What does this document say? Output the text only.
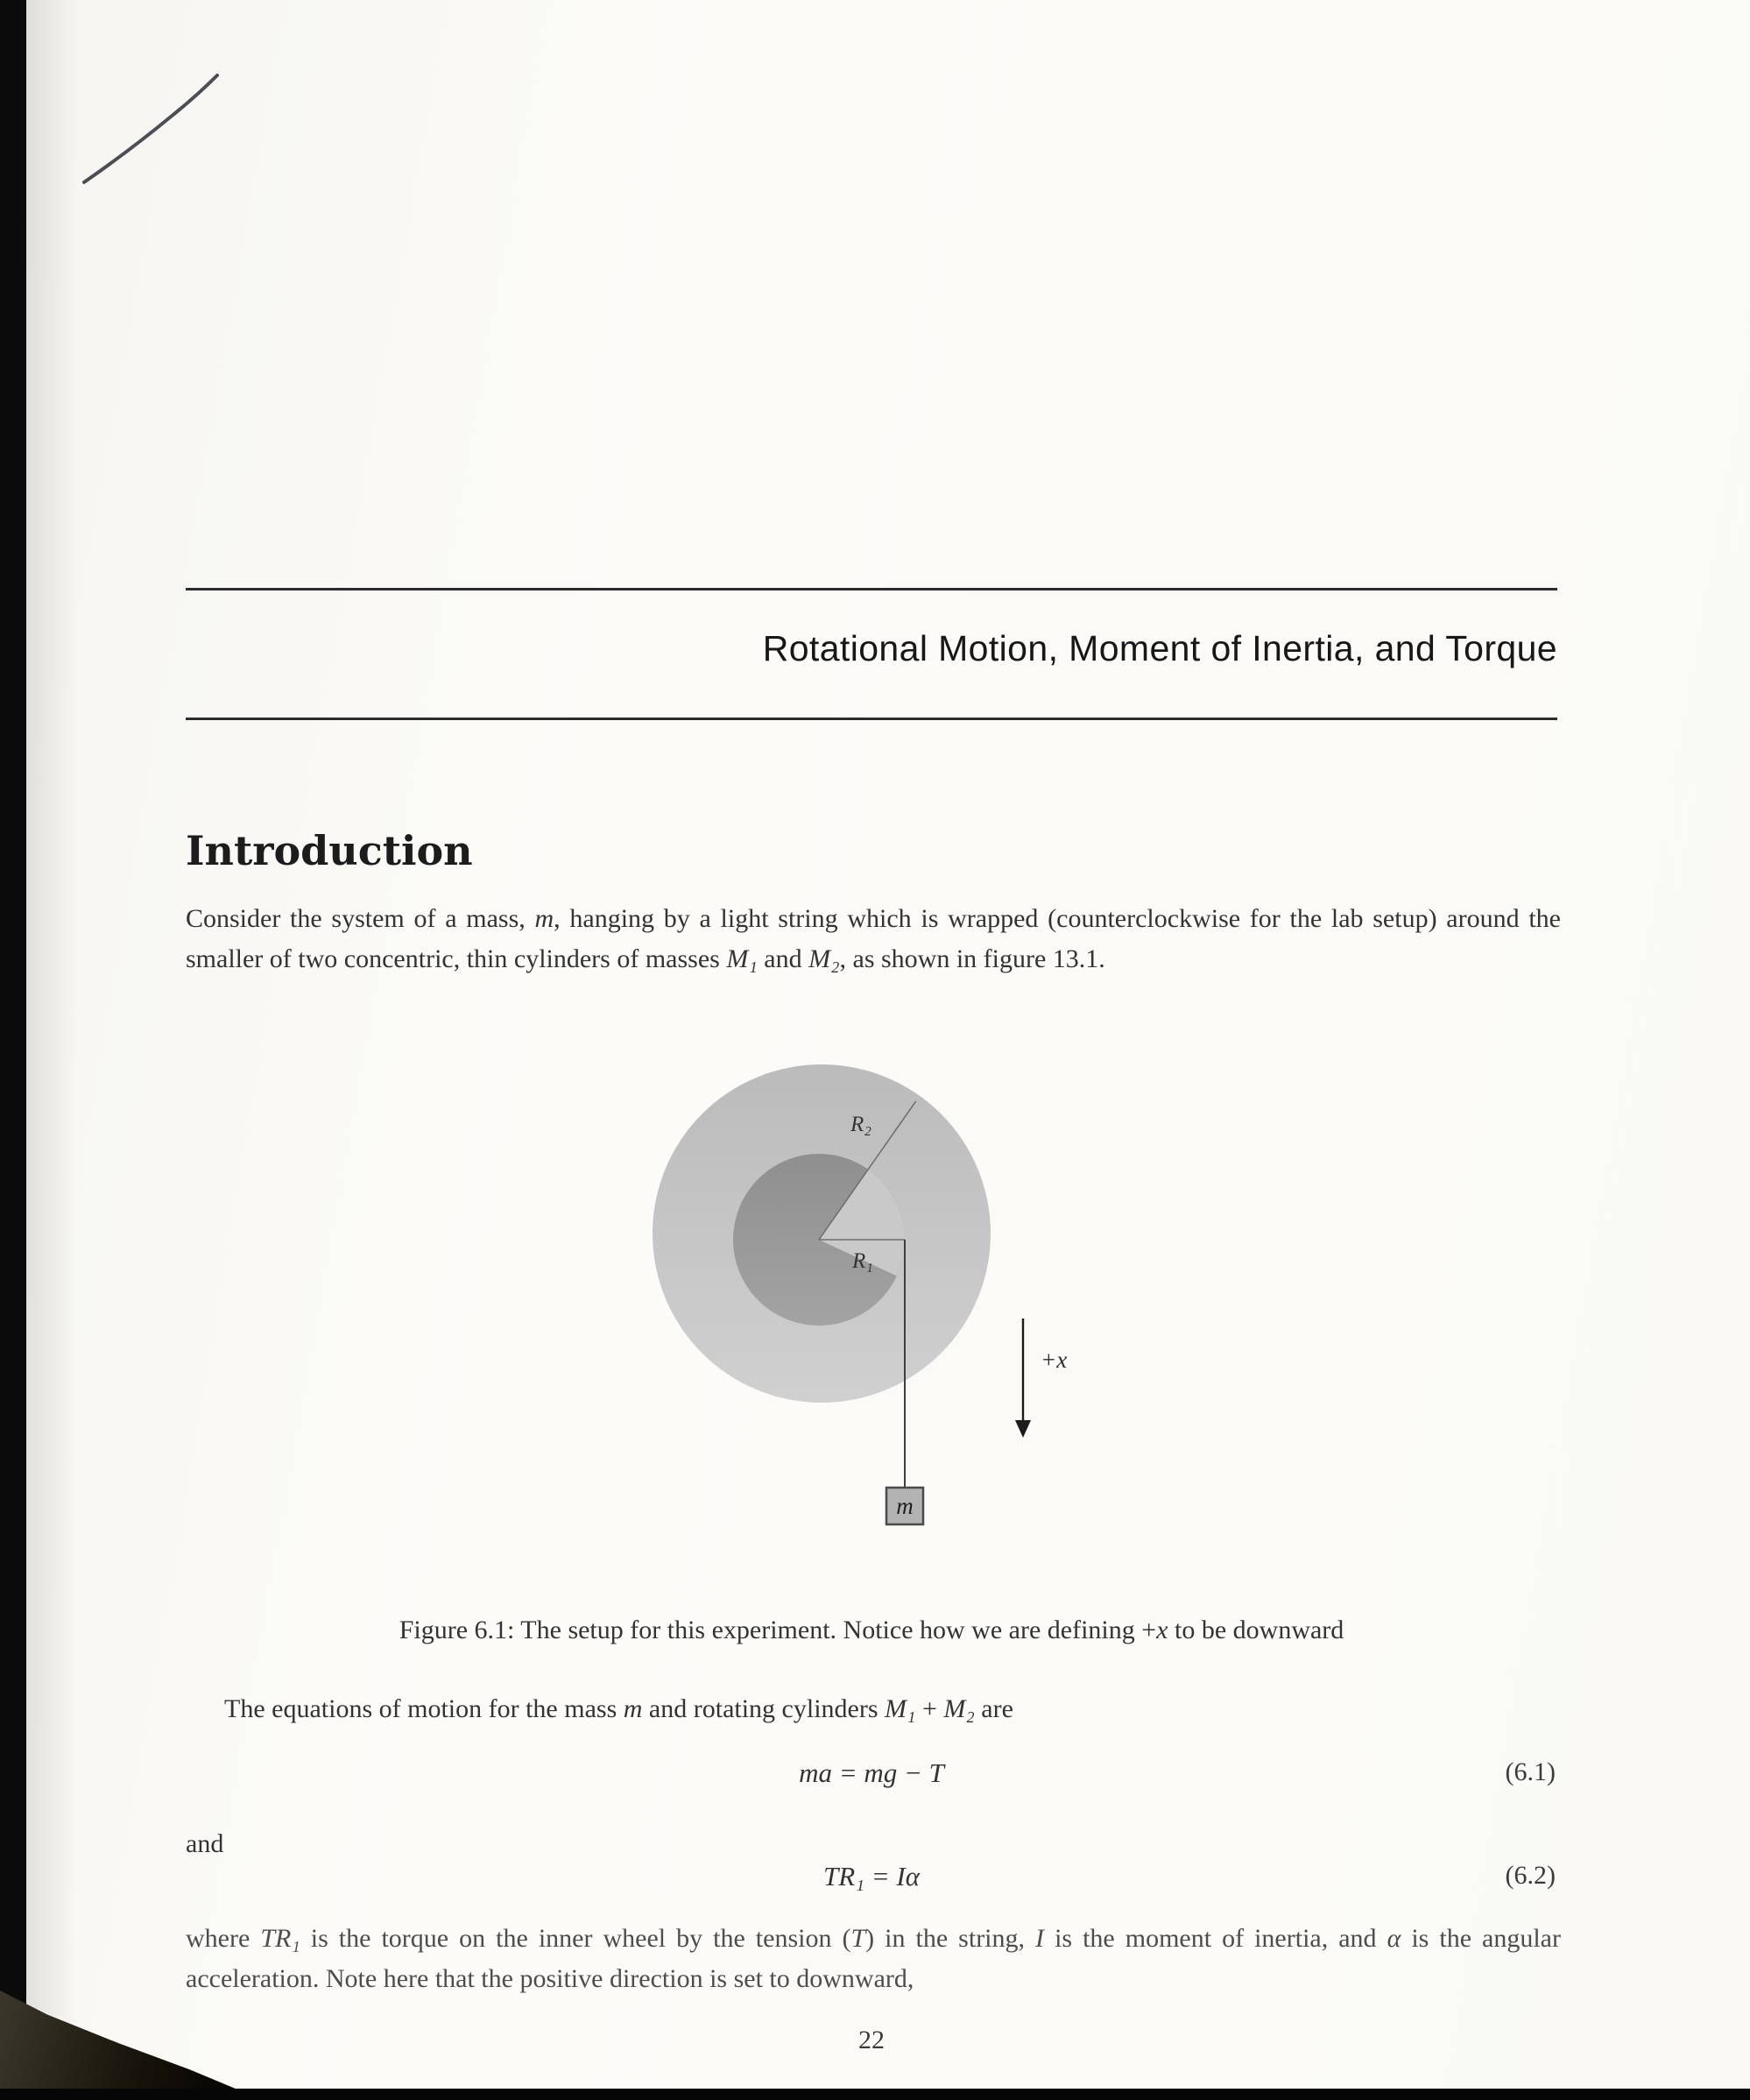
Rotational Motion, Moment of Inertia, and Torque
Introduction

Consider the system of a mass, m, hanging by a light string which is wrapped (counterclockwise for the lab setup) around the smaller of two concentric, thin cylinders of masses M₁ and M₂, as shown in figure 13.1.

R₂
R₁
m
+x

Figure 6.1: The setup for this experiment. Notice how we are defining +x to be downward

The equations of motion for the mass m and rotating cylinders M₁ + M₂ are

ma = mg − T	(6.1)

and

TR₁ = Iα	(6.2)

where TR₁ is the torque on the inner wheel by the tension (T) in the string, I is the moment of inertia, and α is the angular acceleration. Note here that the positive direction is set to downward,

22
